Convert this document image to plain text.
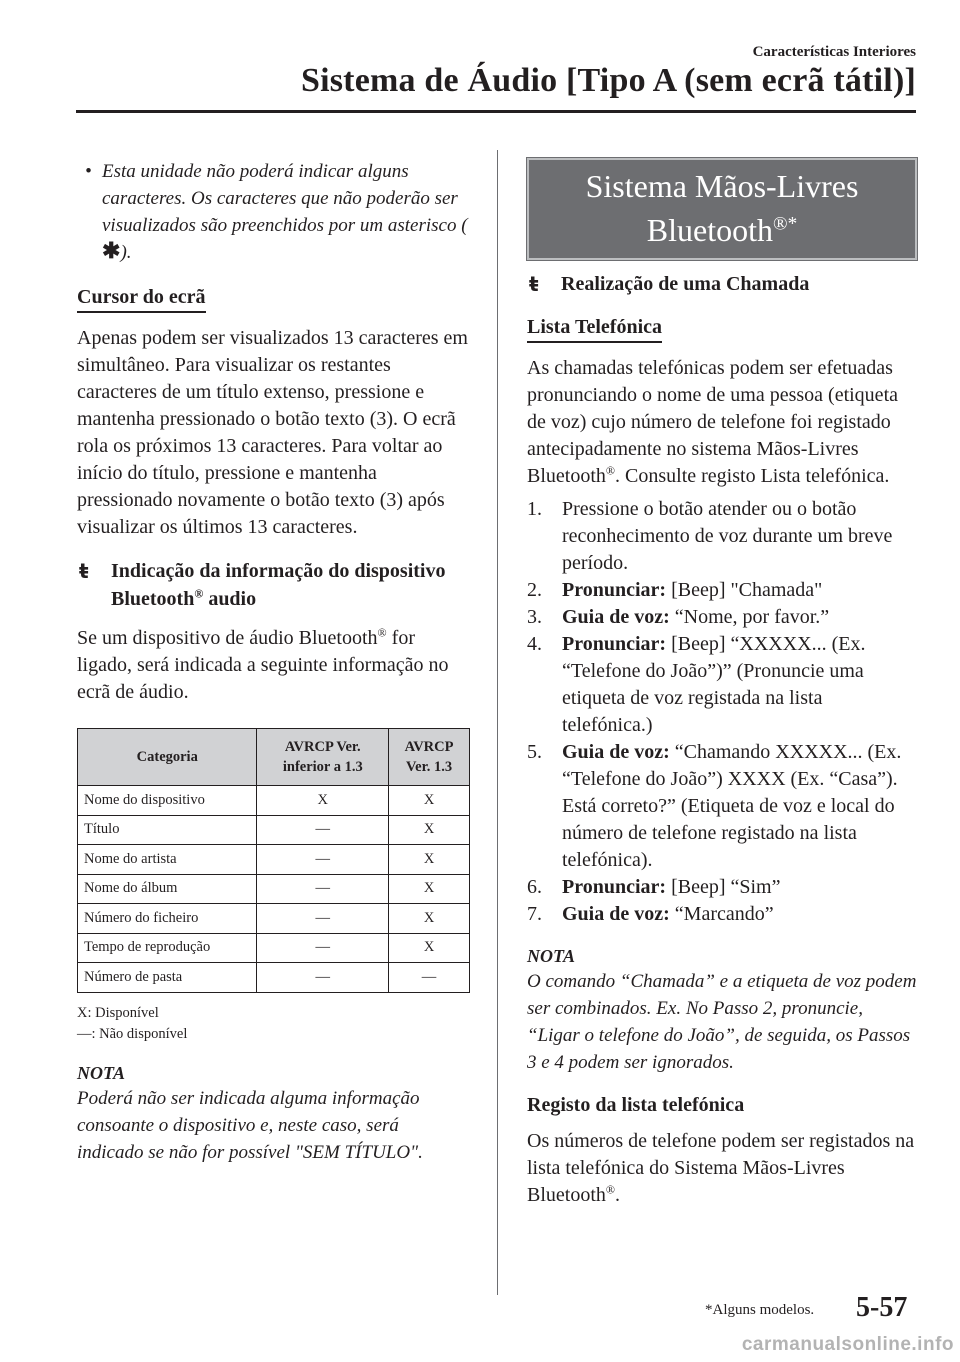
Características Interiores
Sistema de Áudio [Tipo A (sem ecrã tátil)]

• Esta unidade não poderá indicar alguns caracteres. Os caracteres que não poderão ser visualizados são preenchidos por um asterisco (✱).

Cursor do ecrã

Apenas podem ser visualizados 13 caracteres em simultâneo. Para visualizar os restantes caracteres de um título extenso, pressione e mantenha pressionado o botão texto (3). O ecrã rola os próximos 13 caracteres. Para voltar ao início do título, pressione e mantenha pressionado novamente o botão texto (3) após visualizar os últimos 13 caracteres.

ŧ Indicação da informação do dispositivo Bluetooth® audio

Se um dispositivo de áudio Bluetooth® for ligado, será indicada a seguinte informação no ecrã de áudio.

Categoria	AVRCP Ver. inferior a 1.3	AVRCP Ver. 1.3
Nome do dispositivo	X	X
Título	—	X
Nome do artista	—	X
Nome do álbum	—	X
Número do ficheiro	—	X
Tempo de reprodução	—	X
Número de pasta	—	—
X: Disponível
—: Não disponível
NOTA

Poderá não ser indicada alguma informação consoante o dispositivo e, neste caso, será indicado se não for possível "SEM TÍTULO".

Sistema Mãos-Livres
Bluetooth®*
ŧ Realização de uma Chamada
Lista Telefónica

As chamadas telefónicas podem ser efetuadas pronunciando o nome de uma pessoa (etiqueta de voz) cujo número de telefone foi registado antecipadamente no sistema Mãos-Livres Bluetooth®. Consulte registo Lista telefónica.

1. Pressione o botão atender ou o botão reconhecimento de voz durante um breve período.
2. Pronunciar: [Beep] "Chamada"
3. Guia de voz: “Nome, por favor.”
4. Pronunciar: [Beep] “XXXXX... (Ex. “Telefone do João”)” (Pronuncie uma etiqueta de voz registada na lista telefónica.)
5. Guia de voz: “Chamando XXXXX... (Ex. “Telefone do João”) XXXX (Ex. “Casa”). Está correto?” (Etiqueta de voz e local do número de telefone registado na lista telefónica).
6. Pronunciar: [Beep] “Sim”
7. Guia de voz: “Marcando”
NOTA

O comando “Chamada” e a etiqueta de voz podem ser combinados. Ex. No Passo 2, pronuncie, “Ligar o telefone do João”, de seguida, os Passos 3 e 4 podem ser ignorados.

Registo da lista telefónica

Os números de telefone podem ser registados na lista telefónica do Sistema Mãos-Livres Bluetooth®.

*Alguns modelos. 5-57
carmanualsonline.info
